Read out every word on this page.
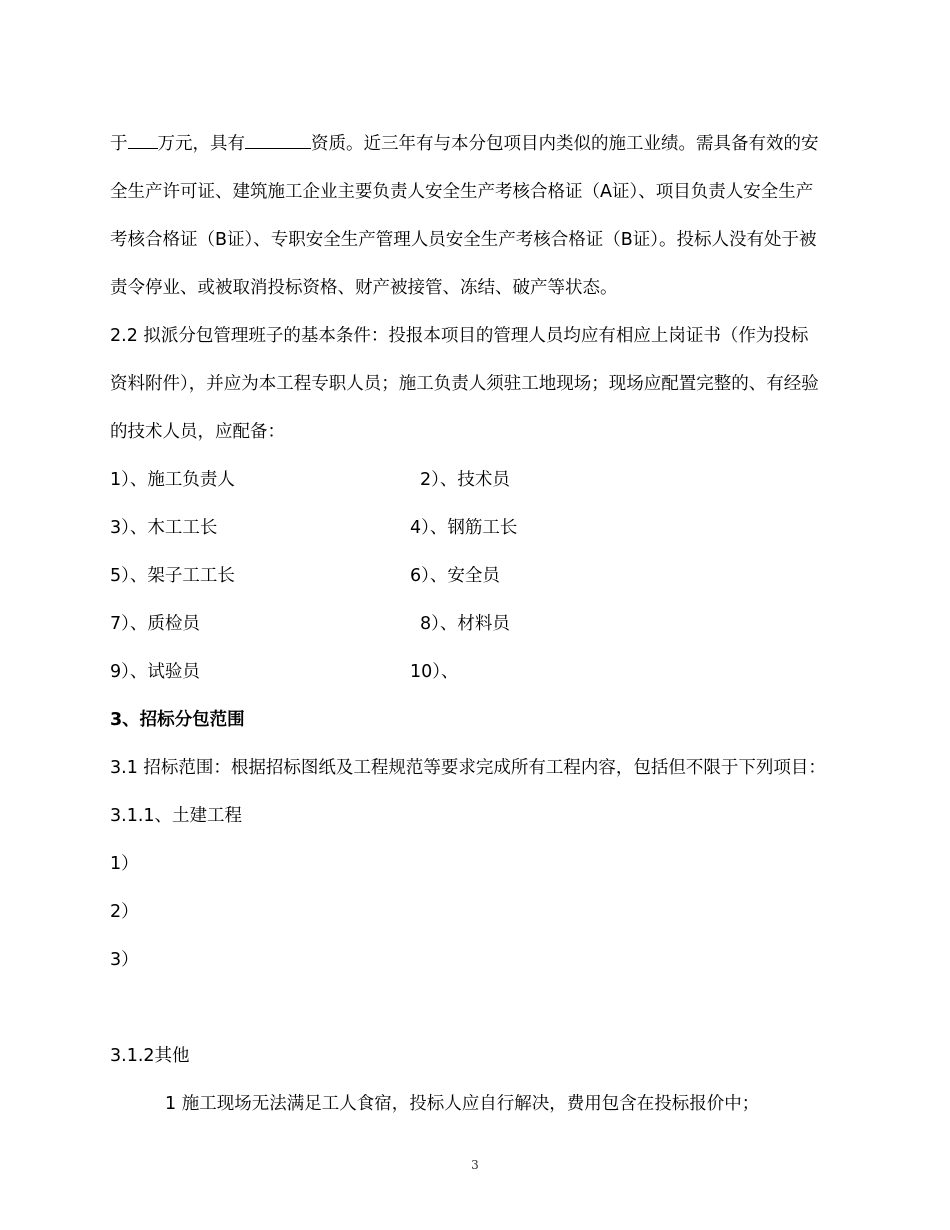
于 万元，具有	资质。近三年有与本分包项目内类似的施工业绩。需具备有效的安
全生产许可证、建筑施工企业主要负责人安全生产考核合格证（A证）、项目负责人安全生产
考核合格证（B证）、专职安全生产管理人员安全生产考核合格证（B证）。投标人没有处于被
责令停业、或被取消投标资格、财产被接管、冻结、破产等状态。
2.2 拟派分包管理班子的基本条件：投报本项目的管理人员均应有相应上岗证书（作为投标
资料附件），并应为本工程专职人员；施工负责人须驻工地现场；现场应配置完整的、有经验
的技术人员，应配备：
1）、施工负责人	2）、技术员
3）、木工工长	4）、钢筋工长
5）、架子工工长	6）、安全员
7）、质检员	8）、材料员
9）、试验员	10）、
3、招标分包范围
3.1 招标范围：根据招标图纸及工程规范等要求完成所有工程内容，包括但不限于下列项目：
3.1.1、土建工程
1）
2）
3）
3.1.2其他
1 施工现场无法满足工人食宿，投标人应自行解决，费用包含在投标报价中；
3
